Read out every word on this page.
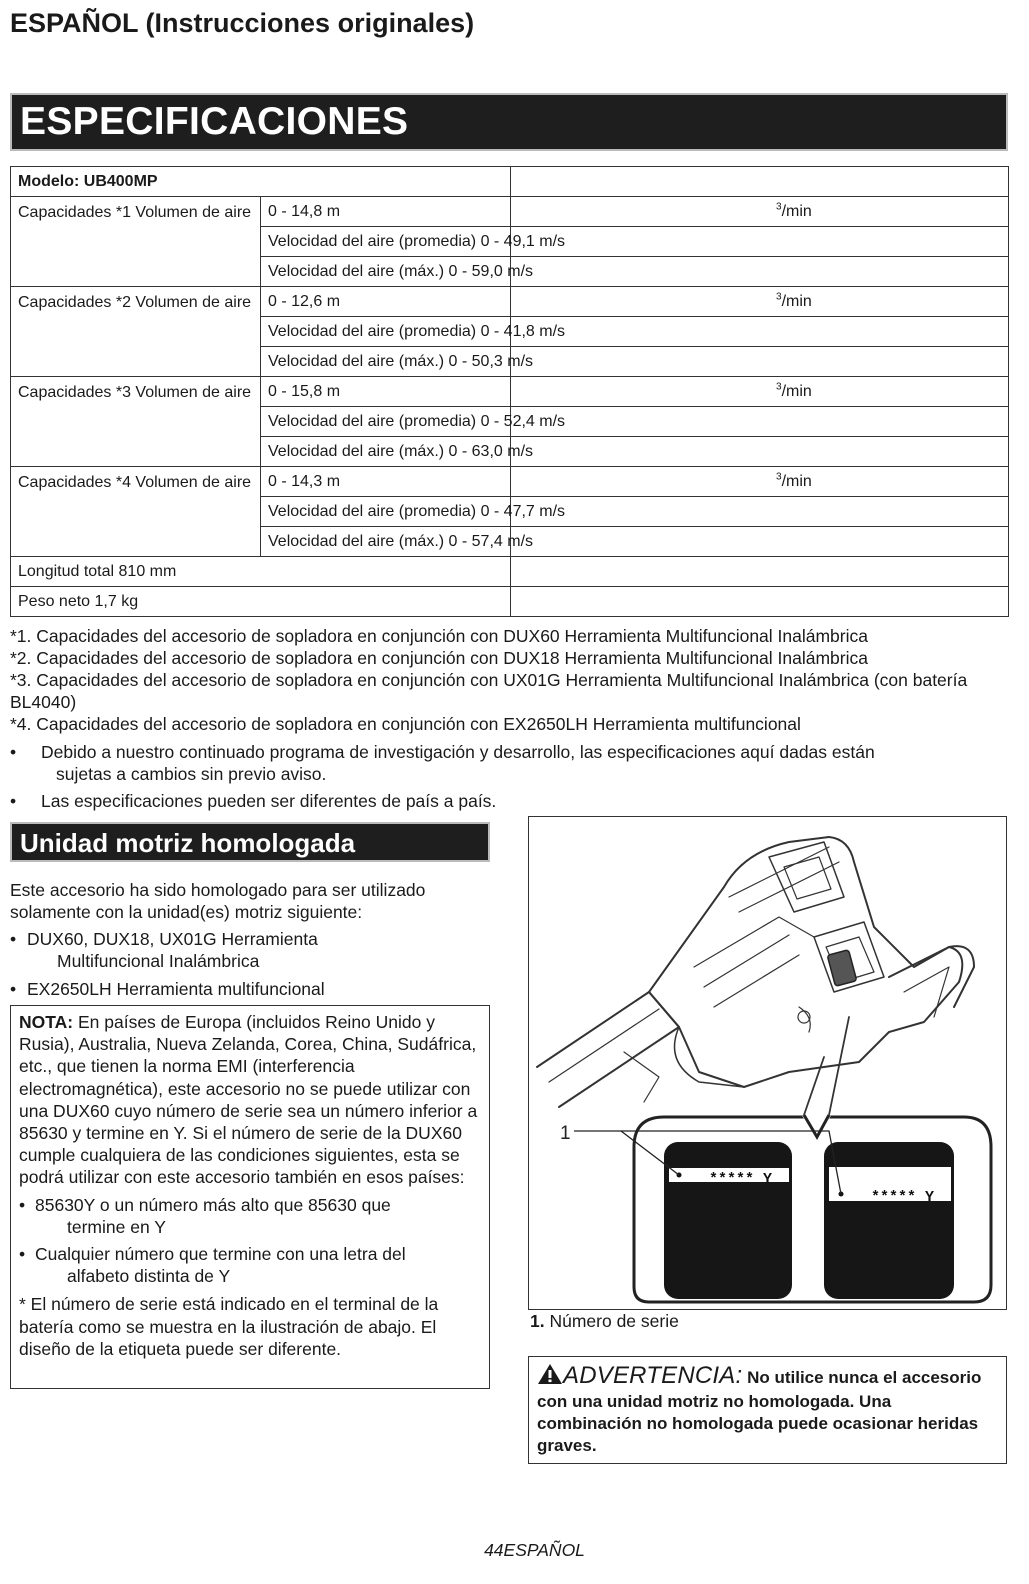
ESPAÑOL (Instrucciones originales)
ESPECIFICACIONES
Modelo: UB400MP		
Capacidades *1 Volumen de aire	0 - 14,8 m	$^3$/min
	Velocidad del aire (promedia) 0 - 49,1 m/s	
	Velocidad del aire (máx.) 0 - 59,0 m/s	
Capacidades *2 Volumen de aire	0 - 12,6 m	$^3$/min
	Velocidad del aire (promedia) 0 - 41,8 m/s	
	Velocidad del aire (máx.) 0 - 50,3 m/s	
Capacidades *3 Volumen de aire	0 - 15,8 m	$^3$/min
	Velocidad del aire (promedia) 0 - 52,4 m/s	
	Velocidad del aire (máx.) 0 - 63,0 m/s	
Capacidades *4 Volumen de aire	0 - 14,3 m	$^3$/min
	Velocidad del aire (promedia) 0 - 47,7 m/s	
	Velocidad del aire (máx.) 0 - 57,4 m/s	
Longitud total 810 mm		
Peso neto 1,7 kg		
*1. Capacidades del accesorio de sopladora en conjunción con DUX60 Herramienta Multifuncional Inalámbrica
*2. Capacidades del accesorio de sopladora en conjunción con DUX18 Herramienta Multifuncional Inalámbrica
*3. Capacidades del accesorio de sopladora en conjunción con UX01G Herramienta Multifuncional Inalámbrica (con batería BL4040)
*4. Capacidades del accesorio de sopladora en conjunción con EX2650LH Herramienta multifuncional
• Debido a nuestro continuado programa de investigación y desarrollo, las especificaciones aquí dadas están
sujetas a cambios sin previo aviso.
• Las especificaciones pueden ser diferentes de país a país.
Unidad motriz homologada
Este accesorio ha sido homologado para ser utilizado solamente con la unidad(es) motriz siguiente:
• DUX60, DUX18, UX01G Herramienta
Multifuncional Inalámbrica
• EX2650LH Herramienta multifuncional
NOTA: En países de Europa (incluidos Reino Unido y Rusia), Australia, Nueva Zelanda, Corea, China, Sudáfrica, etc., que tienen la norma EMI (interferencia electromagnética), este accesorio no se puede utilizar con una DUX60 cuyo número de serie sea un número inferior a 85630 y termine en Y. Si el número de serie de la DUX60 cumple cualquiera de las condiciones siguientes, esta se podrá utilizar con este accesorio también en esos países:
• 85630Y o un número más alto que 85630 que
termine en Y
• Cualquier número que termine con una letra del
alfabeto distinta de Y
* El número de serie está indicado en el terminal de la batería como se muestra en la ilustración de abajo. El diseño de la etiqueta puede ser diferente.
***** Y
***** Y
1
1. Número de serie
ADVERTENCIA: No utilice nunca el accesorio con una unidad motriz no homologada. Una combinación no homologada puede ocasionar heridas graves.
44ESPAÑOL
